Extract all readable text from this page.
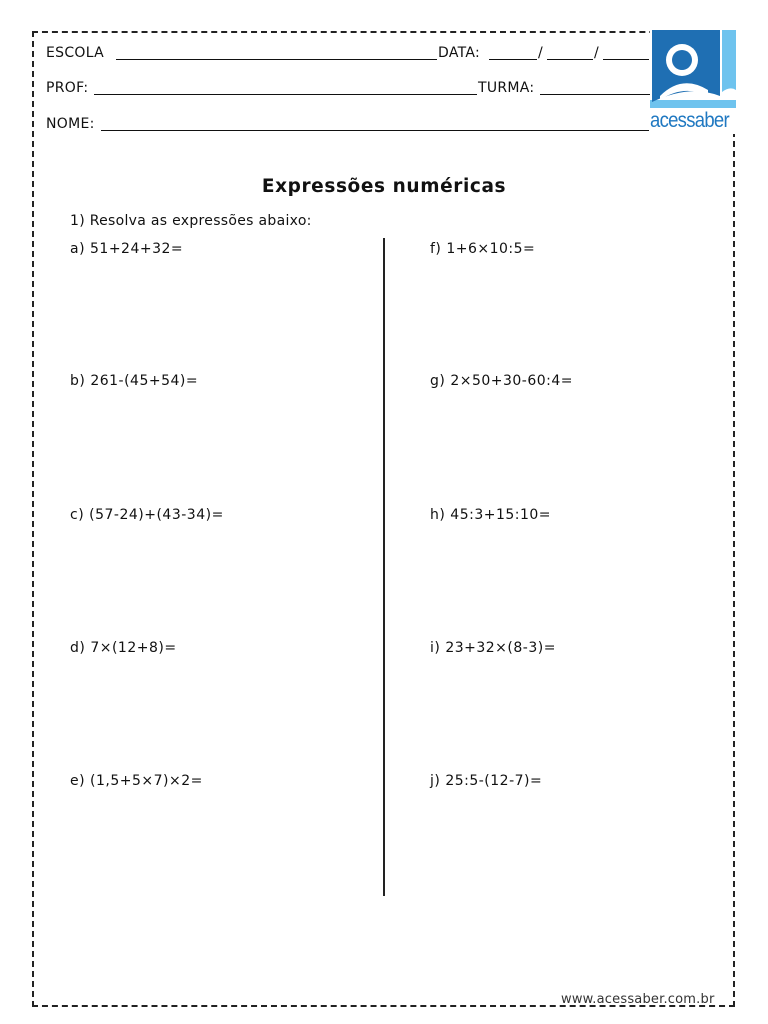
ESCOLA	DATA:	/	/
PROF:	TURMA:
NOME:	acessaber
Expressões numéricas
1) Resolva as expressões abaixo:
a) 51+24+32=
b) 261-(45+54)=
c) (57-24)+(43-34)=
d) 7×(12+8)=
e) (1,5+5×7)×2=
f) 1+6×10:5=
g) 2×50+30-60:4=
h) 45:3+15:10=
i) 23+32×(8-3)=
j) 25:5-(12-7)=
www.acessaber.com.br
